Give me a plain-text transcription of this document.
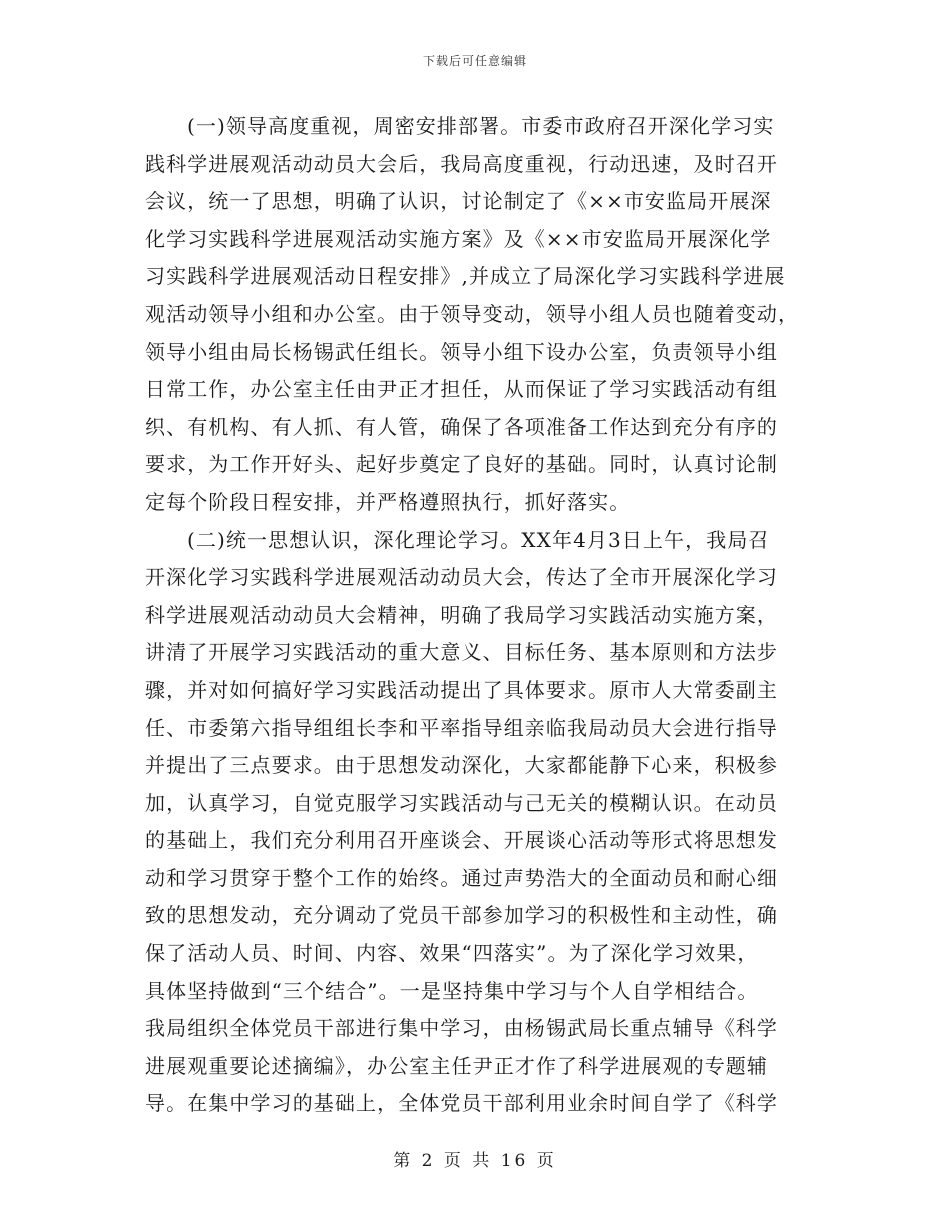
下载后可任意编辑
(一)领导高度重视，周密安排部署。市委市政府召开深化学习实
践科学进展观活动动员大会后，我局高度重视，行动迅速，及时召开
会议，统一了思想，明确了认识，讨论制定了《××市安监局开展深
化学习实践科学进展观活动实施方案》及《××市安监局开展深化学
习实践科学进展观活动日程安排》,并成立了局深化学习实践科学进展
观活动领导小组和办公室。由于领导变动，领导小组人员也随着变动，
领导小组由局长杨锡武任组长。领导小组下设办公室，负责领导小组
日常工作，办公室主任由尹正才担任，从而保证了学习实践活动有组
织、有机构、有人抓、有人管，确保了各项准备工作达到充分有序的
要求，为工作开好头、起好步奠定了良好的基础。同时，认真讨论制
定每个阶段日程安排，并严格遵照执行，抓好落实。
(二)统一思想认识，深化理论学习。XX年4月3日上午，我局召
开深化学习实践科学进展观活动动员大会，传达了全市开展深化学习
科学进展观活动动员大会精神，明确了我局学习实践活动实施方案，
讲清了开展学习实践活动的重大意义、目标任务、基本原则和方法步
骤，并对如何搞好学习实践活动提出了具体要求。原市人大常委副主
任、市委第六指导组组长李和平率指导组亲临我局动员大会进行指导
并提出了三点要求。由于思想发动深化，大家都能静下心来，积极参
加，认真学习，自觉克服学习实践活动与己无关的模糊认识。在动员
的基础上，我们充分利用召开座谈会、开展谈心活动等形式将思想发
动和学习贯穿于整个工作的始终。通过声势浩大的全面动员和耐心细
致的思想发动，充分调动了党员干部参加学习的积极性和主动性，确
保了活动人员、时间、内容、效果“四落实”。为了深化学习效果，
具体坚持做到“三个结合”。一是坚持集中学习与个人自学相结合。
我局组织全体党员干部进行集中学习，由杨锡武局长重点辅导《科学
进展观重要论述摘编》，办公室主任尹正才作了科学进展观的专题辅
导。在集中学习的基础上，全体党员干部利用业余时间自学了《科学
第 2 页 共 16 页
